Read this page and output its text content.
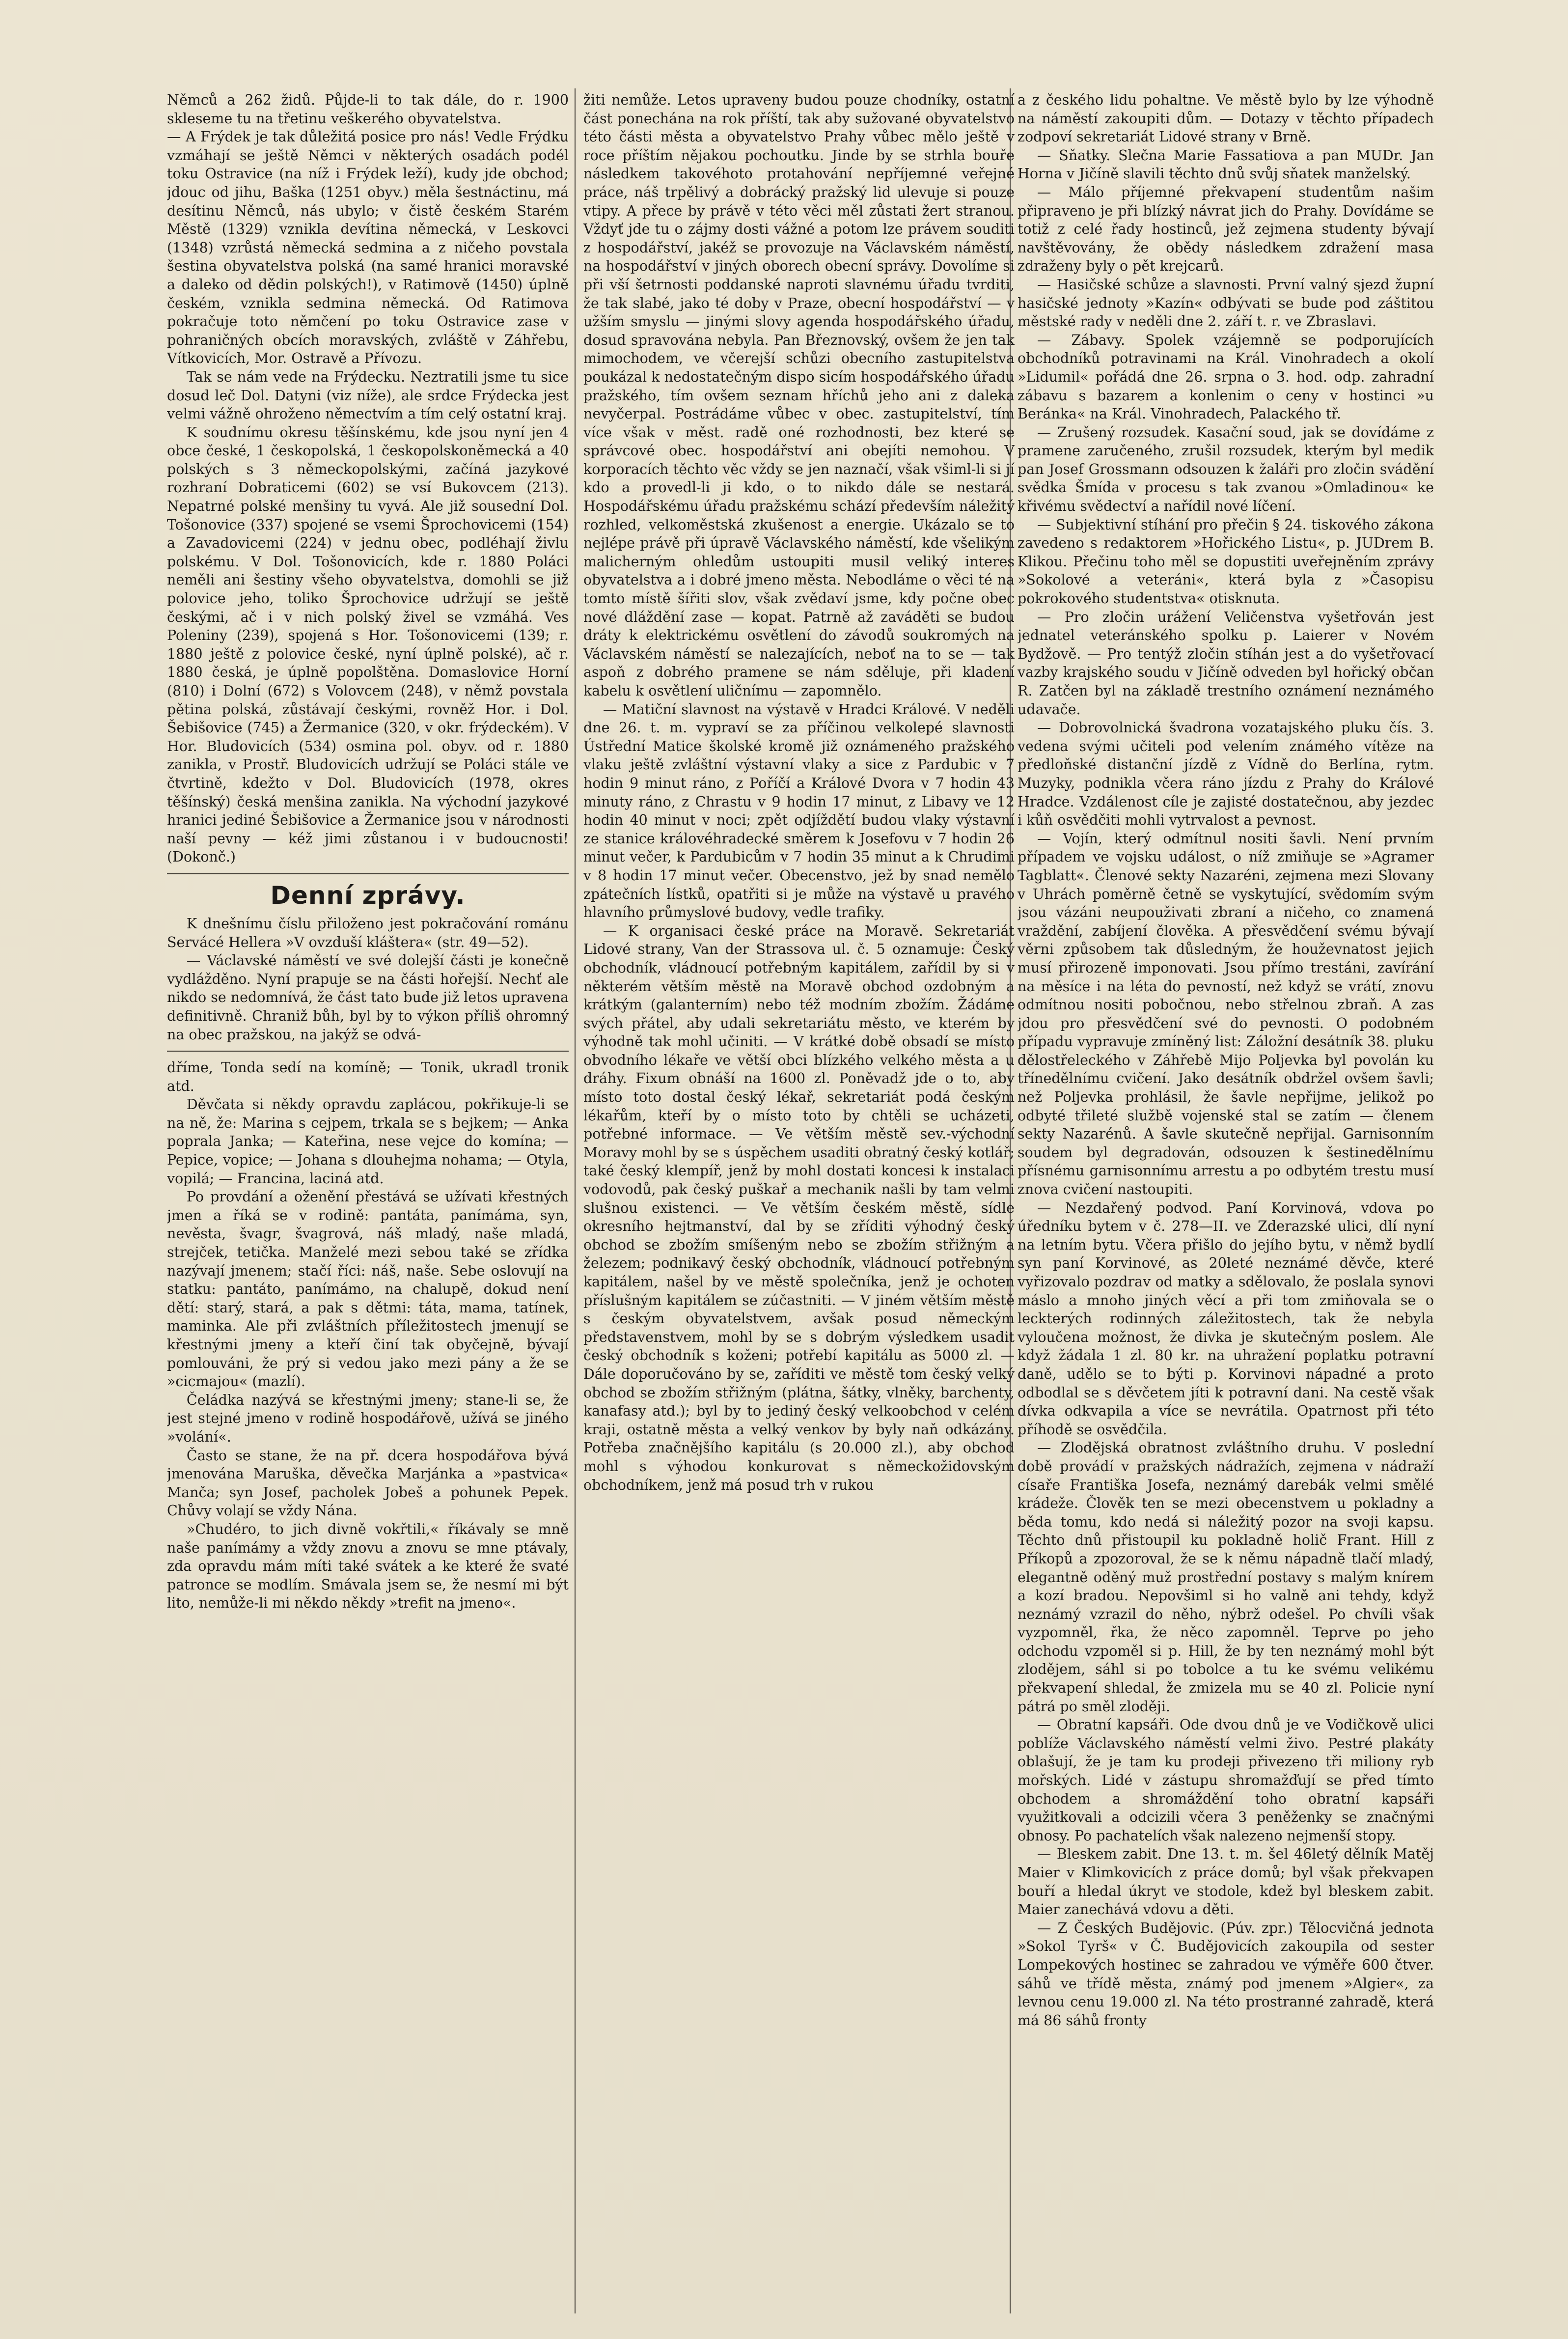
Němců a 262 židů. Půjde-li to tak dále, do r. 1900 skleseme tu na třetinu veškerého obyvatelstva.

— A Frýdek je tak důležitá posice pro nás! Vedle Frýdku vzmáhají se ještě Němci v některých osadách podél toku Ostravice (na níž i Frýdek leží), kudy jde obchod; jdouc od jihu, Baška (1251 obyv.) měla šestnáctinu, má desítinu Němců, nás ubylo; v čistě českém Starém Městě (1329) vznikla devítina německá, v Leskovci (1348) vzrůstá německá sedmina a z ničeho povstala šestina obyvatelstva polská (na samé hranici moravské a daleko od dědin polských!), v Ratimově (1450) úplně českém, vznikla sedmina německá. Od Ratimova pokračuje toto němčení po toku Ostravice zase v pohraničných obcích moravských, zvláště v Záhřebu, Vítkovicích, Mor. Ostravě a Přívozu.

Tak se nám vede na Frýdecku. Neztratili jsme tu sice dosud leč Dol. Datyni (viz níže), ale srdce Frýdecka jest velmi vážně ohroženo němectvím a tím celý ostatní kraj.

K soudnímu okresu těšínskému, kde jsou nyní jen 4 obce české, 1 českopolská, 1 českopolskoněmecká a 40 polských s 3 německopolskými, začíná jazykové rozhraní Dobraticemi (602) se vsí Bukovcem (213). Nepatrné polské menšiny tu vyvá. Ale již sousední Dol. Tošonovice (337) spojené se vsemi Šprochovicemi (154) a Zavadovicemi (224) v jednu obec, podléhají živlu polskému. V Dol. Tošonovicích, kde r. 1880 Poláci neměli ani šestiny všeho obyvatelstva, domohli se již polovice jeho, toliko Šprochovice udržují se ještě českými, ač i v nich polský živel se vzmáhá. Ves Poleniny (239), spojená s Hor. Tošonovicemi (139; r. 1880 ještě z polovice české, nyní úplně polské), ač r. 1880 česká, je úplně popolštěna. Domaslovice Horní (810) i Dolní (672) s Volovcem (248), v němž povstala pětina polská, zůstávají českými, rovněž Hor. i Dol. Šebišovice (745) a Žermanice (320, v okr. frýdeckém). V Hor. Bludovicích (534) osmina pol. obyv. od r. 1880 zanikla, v Prostř. Bludovicích udržují se Poláci stále ve čtvrtině, kdežto v Dol. Bludovicích (1978, okres těšínský) česká menšina zanikla. Na východní jazykové hranici jediné Šebišovice a Žermanice jsou v národnosti naší pevny — kéž jimi zůstanou i v budoucnosti! (Dokonč.)

Denní zprávy.

K dnešnímu číslu přiloženo jest pokračování románu Servácé Hellera »V ovzduší kláštera« (str. 49—52).

— Václavské náměstí ve své dolejší části je konečně vydlážděno. Nyní prapuje se na části hořejší. Nechť ale nikdo se nedomnívá, že část tato bude již letos upravena definitivně. Chraniž bůh, byl by to výkon příliš ohromný na obec pražskou, na jakýž se odvá-

dříme, Tonda sedí na komíně; — Tonik, ukradl tronik atd.

Děvčata si někdy opravdu zaplácou, pokřikuje-li se na ně, že: Marina s cejpem, trkala se s bejkem; — Anka poprala Janka; — Kateřina, nese vejce do komína; — Pepice, vopice; — Johana s dlouhejma nohama; — Otyla, vopilá; — Francina, laciná atd.

Po provdání a oženění přestává se užívati křestných jmen a říká se v rodině: pantáta, panímáma, syn, nevěsta, švagr, švagrová, náš mladý, naše mladá, strejček, tetička. Manželé mezi sebou také se zřídka nazývají jmenem; stačí říci: náš, naše. Sebe oslovují na statku: pantáto, panímámo, na chalupě, dokud není dětí: starý, stará, a pak s dětmi: táta, mama, tatínek, maminka. Ale při zvláštních příležitostech jmenují se křestnými jmeny a kteří činí tak obyčejně, bývají pomlouváni, že prý si vedou jako mezi pány a že se »cicmajou« (mazlí).

Čeládka nazývá se křestnými jmeny; stane-li se, že jest stejné jmeno v rodině hospodářově, užívá se jiného »volání«.

Často se stane, že na př. dcera hospodářova bývá jmenována Maruška, děvečka Marjánka a »pastvica« Manča; syn Josef, pacholek Jobeš a pohunek Pepek. Chůvy volají se vždy Nána.

»Chudéro, to jich divně vokřtili,« říkávaly se mně naše panímámy a vždy znovu a znovu se mne ptávaly, zda opravdu mám míti také svátek a ke které že svaté patronce se modlím. Smávala jsem se, že nesmí mi být lito, nemůže-li mi někdo někdy »trefit na jmeno«.

žiti nemůže. Letos upraveny budou pouze chodníky, ostatní část ponechána na rok příští, tak aby sužované obyvatelstvo této části města a obyvatelstvo Prahy vůbec mělo ještě v roce příštím nějakou pochoutku. Jinde by se strhla bouře následkem takovéhoto protahování nepříjemné veřejné práce, náš trpělivý a dobrácký pražský lid ulevuje si pouze vtipy. A přece by právě v této věci měl zůstati žert stranou. Vždyť jde tu o zájmy dosti vážné a potom lze právem souditi z hospodářství, jakéž se provozuje na Václavském náměstí, na hospodářství v jiných oborech obecní správy. Dovolíme si při vší šetrnosti poddanské naproti slavnému úřadu tvrditi, že tak slabé, jako té doby v Praze, obecní hospodářství — v užším smyslu — jinými slovy agenda hospodářského úřadu, dosud spravována nebyla. Pan Březnovský, ovšem že jen tak mimochodem, ve včerejší schůzi obecního zastupitelstva poukázal k nedostatečným dispo sicím hospodářského úřadu pražského, tím ovšem seznam hříchů jeho ani z daleka nevyčerpal. Postrádáme vůbec v obec. zastupitelství, tím více však v měst. radě oné rozhodnosti, bez které se správcové obec. hospodářství ani obejíti nemohou. V korporacích těchto věc vždy se jen naznačí, však všiml-li si jí kdo a provedl-li ji kdo, o to nikdo dále se nestará. Hospodářskému úřadu pražskému schází především náležitý rozhled, velkoměstská zkušenost a energie. Ukázalo se to nejlépe právě při úpravě Václavského náměstí, kde všelikým malicherným ohledům ustoupiti musil veliký interes obyvatelstva a i dobré jmeno města. Nebodláme o věci té na tomto místě šířiti slov, však zvědaví jsme, kdy počne obec nové dláždění zase — kopat. Patrně až zaváděti se budou dráty k elektrickému osvětlení do závodů soukromých na Václavském náměstí se nalezajících, neboť na to se — tak aspoň z dobrého pramene se nám sděluje, při kladení kabelu k osvětlení uličnímu — zapomnělo.

— Matiční slavnost na výstavě v Hradci Králové. V neděli dne 26. t. m. vypraví se za příčinou velkolepé slavnosti Ústřední Matice školské kromě již oznámeného pražského vlaku ještě zvláštní výstavní vlaky a sice z Pardubic v 7 hodin 9 minut ráno, z Poříčí a Králové Dvora v 7 hodin 43 minuty ráno, z Chrastu v 9 hodin 17 minut, z Libavy ve 12 hodin 40 minut v noci; zpět odjíždětí budou vlaky výstavní ze stanice královéhradecké směrem k Josefovu v 7 hodin 26 minut večer, k Pardubicům v 7 hodin 35 minut a k Chrudimi v 8 hodin 17 minut večer. Obecenstvo, jež by snad nemělo zpátečních lístků, opatřiti si je může na výstavě u pravého hlavního průmyslové budovy, vedle trafiky.

— K organisaci české práce na Moravě. Sekretariát Lidové strany, Van der Strassova ul. č. 5 oznamuje: Český obchodník, vládnoucí potřebným kapitálem, zařídil by si v některém větším městě na Moravě obchod ozdobným a krátkým (galanterním) nebo též modním zbožím. Žádáme svých přátel, aby udali sekretariátu město, ve kterém by výhodně tak mohl učiniti. — V krátké době obsadí se místo obvodního lékaře ve větší obci blízkého velkého města a u dráhy. Fixum obnáší na 1600 zl. Poněvadž jde o to, aby místo toto dostal český lékař, sekretariát podá českým lékařům, kteří by o místo toto by chtěli se ucházeti, potřebné informace. — Ve větším městě sev.-východní Moravy mohl by se s úspěchem usaditi obratný český kotlář; také český klempíř, jenž by mohl dostati koncesi k instalaci vodovodů, pak český puškař a mechanik našli by tam velmi slušnou existenci. — Ve větším českém městě, sídle okresního hejtmanství, dal by se zříditi výhodný český obchod se zbožím smíšeným nebo se zbožím střižným a železem; podnikavý český obchodník, vládnoucí potřebným kapitálem, našel by ve městě společníka, jenž je ochoten příslušným kapitálem se zúčastniti. — V jiném větším městě s českým obyvatelstvem, avšak posud německým představenstvem, mohl by se s dobrým výsledkem usadit český obchodník s koženi; potřebí kapitálu as 5000 zl. — Dále doporučováno by se, zaříditi ve městě tom český velký obchod se zbožím střižným (plátna, šátky, vlněky, barchenty, kanafasy atd.); byl by to jediný český velkoobchod v celém kraji, ostatně města a velký venkov by byly naň odkázány. Potřeba značnějšího kapitálu (s 20.000 zl.), aby obchod mohl s výhodou konkurovat s německožidovským obchodníkem, jenž má posud trh v rukou

a z českého lidu pohaltne. Ve městě bylo by lze výhodně na náměstí zakoupiti dům. — Dotazy v těchto případech zodpoví sekretariát Lidové strany v Brně.

— Sňatky. Slečna Marie Fassatiova a pan MUDr. Jan Horna v Jičíně slavili těchto dnů svůj sňatek manželský.

— Málo příjemné překvapení studentům našim připraveno je při blízký návrat jich do Prahy. Dovídáme se totiž z celé řady hostinců, jež zejmena studenty bývají navštěvovány, že obědy následkem zdražení masa zdraženy byly o pět krejcarů.

— Hasičské schůze a slavnosti. První valný sjezd župní hasičské jednoty »Kazín« odbývati se bude pod záštitou městské rady v neděli dne 2. září t. r. ve Zbraslavi.

— Zábavy. Spolek vzájemně se podporujících obchodníků potravinami na Král. Vinohradech a okolí »Lidumil« pořádá dne 26. srpna o 3. hod. odp. zahradní zábavu s bazarem a konlenim o ceny v hostinci »u Beránka« na Král. Vinohradech, Palackého tř.

— Zrušený rozsudek. Kasační soud, jak se dovídáme z pramene zaručeného, zrušil rozsudek, kterým byl medik pan Josef Grossmann odsouzen k žaláři pro zločin svádění svědka Šmída v procesu s tak zvanou »Omladinou« ke křivému svědectví a nařídil nové líčení.

— Subjektivní stíhání pro přečin § 24. tiskového zákona zavedeno s redaktorem »Hořického Listu«, p. JUDrem B. Klikou. Přečinu toho měl se dopustiti uveřejněním zprávy »Sokolové a veteráni«, která byla z »Časopisu pokrokového studentstva« otisknuta.

— Pro zločin urážení Veličenstva vyšetřován jest jednatel veteránského spolku p. Laierer v Novém Bydžově. — Pro tentýž zločin stíhán jest a do vyšetřovací vazby krajského soudu v Jičíně odveden byl hořický občan R. Zatčen byl na základě trestního oznámení neznámého udavače.

— Dobrovolnická švadrona vozatajského pluku čís. 3. vedena svými učiteli pod velením známého vítěze na předloňské distanční jízdě z Vídně do Berlína, rytm. Muzyky, podnikla včera ráno jízdu z Prahy do Králové Hradce. Vzdálenost cíle je zajisté dostatečnou, aby jezdec i kůň osvědčiti mohli vytrvalost a pevnost.

— Vojín, který odmítnul nositi šavli. Není prvním případem ve vojsku událost, o níž zmiňuje se »Agramer Tagblatt«. Členové sekty Nazaréni, zejmena mezi Slovany v Uhrách poměrně četně se vyskytující, svědomím svým jsou vázáni neupouživati zbraní a ničeho, co znamená vraždění, zabíjení člověka. A přesvědčení svému bývají věrni způsobem tak důsledným, že houževnatost jejich musí přirozeně imponovati. Jsou přímo trestáni, zavírání na měsíce i na léta do pevností, než když se vrátí, znovu odmítnou nositi pobočnou, nebo střelnou zbraň. A zas jdou pro přesvědčení své do pevnosti. O podobném případu vypravuje zmíněný list: Záložní desátník 38. pluku dělostřeleckého v Záhřebě Mijo Poljevka byl povolán ku třínedělnímu cvičení. Jako desátník obdržel ovšem šavli; než Poljevka prohlásil, že šavle nepřijme, jelikož po odbyté třileté službě vojenské stal se zatím — členem sekty Nazarénů. A šavle skutečně nepřijal. Garnisonním soudem byl degradován, odsouzen k šestinedělnímu přísnému garnisonnímu arrestu a po odbytém trestu musí znova cvičení nastoupiti.

— Nezdařený podvod. Paní Korvinová, vdova po úředníku bytem v č. 278—II. ve Zderazské ulici, dlí nyní na letním bytu. Včera přišlo do jejího bytu, v němž bydlí syn paní Korvinové, as 20leté neznámé děvče, které vyřizovalo pozdrav od matky a sdělovalo, že poslala synovi máslo a mnoho jiných věcí a při tom zmiňovala se o leckterých rodinných záležitostech, tak že nebyla vyloučena možnost, že divka je skutečným poslem. Ale když žádala 1 zl. 80 kr. na uhražení poplatku potravní daně, udělo se to býti p. Korvinovi nápadné a proto odbodlal se s děvčetem jíti k potravní dani. Na cestě však dívka odkvapila a více se nevrátila. Opatrnost při této příhodě se osvědčila.

— Zlodějská obratnost zvláštního druhu. V poslední době provádí v pražských nádražích, zejmena v nádraží císaře Františka Josefa, neznámý darebák velmi smělé krádeže. Člověk ten se mezi obecenstvem u pokladny a běda tomu, kdo nedá si náležitý pozor na svoji kapsu. Těchto dnů přistoupil ku pokladně holič Frant. Hill z Příkopů a zpozoroval, že se k němu nápadně tlačí mladý, elegantně oděný muž prostřední postavy s malým knírem a kozí bradou. Nepovšiml si ho valně ani tehdy, když neznámý vzrazil do něho, nýbrž odešel. Po chvíli však vyzpomněl, řka, že něco zapomněl. Teprve po jeho odchodu vzpoměl si p. Hill, že by ten neznámý mohl být zlodějem, sáhl si po tobolce a tu ke svému velikému překvapení shledal, že zmizela mu se 40 zl. Policie nyní pátrá po směl zloději.

— Obratní kapsáři. Ode dvou dnů je ve Vodičkově ulici poblíže Václavského náměstí velmi živo. Pestré plakáty oblašují, že je tam ku prodeji přivezeno tři miliony ryb mořských. Lidé v zástupu shromažďují se před tímto obchodem a shromáždění toho obratní kapsáři využitkovali a odcizili včera 3 peněženky se značnými obnosy. Po pachatelích však nalezeno nejmenší stopy.

— Bleskem zabit. Dne 13. t. m. šel 46letý dělník Matěj Maier v Klimkovicích z práce domů; byl však překvapen bouří a hledal úkryt ve stodole, kdež byl bleskem zabit. Maier zanechává vdovu a děti.

— Z Českých Budějovic. (Púv. zpr.) Tělocvičná jednota »Sokol Tyrš« v Č. Budějovicích zakoupila od sester Lompekových hostinec se zahradou ve výměře 600 čtver. sáhů ve třídě města, známý pod jmenem »Algier«, za levnou cenu 19.000 zl. Na této prostranné zahradě, která má 86 sáhů fronty
